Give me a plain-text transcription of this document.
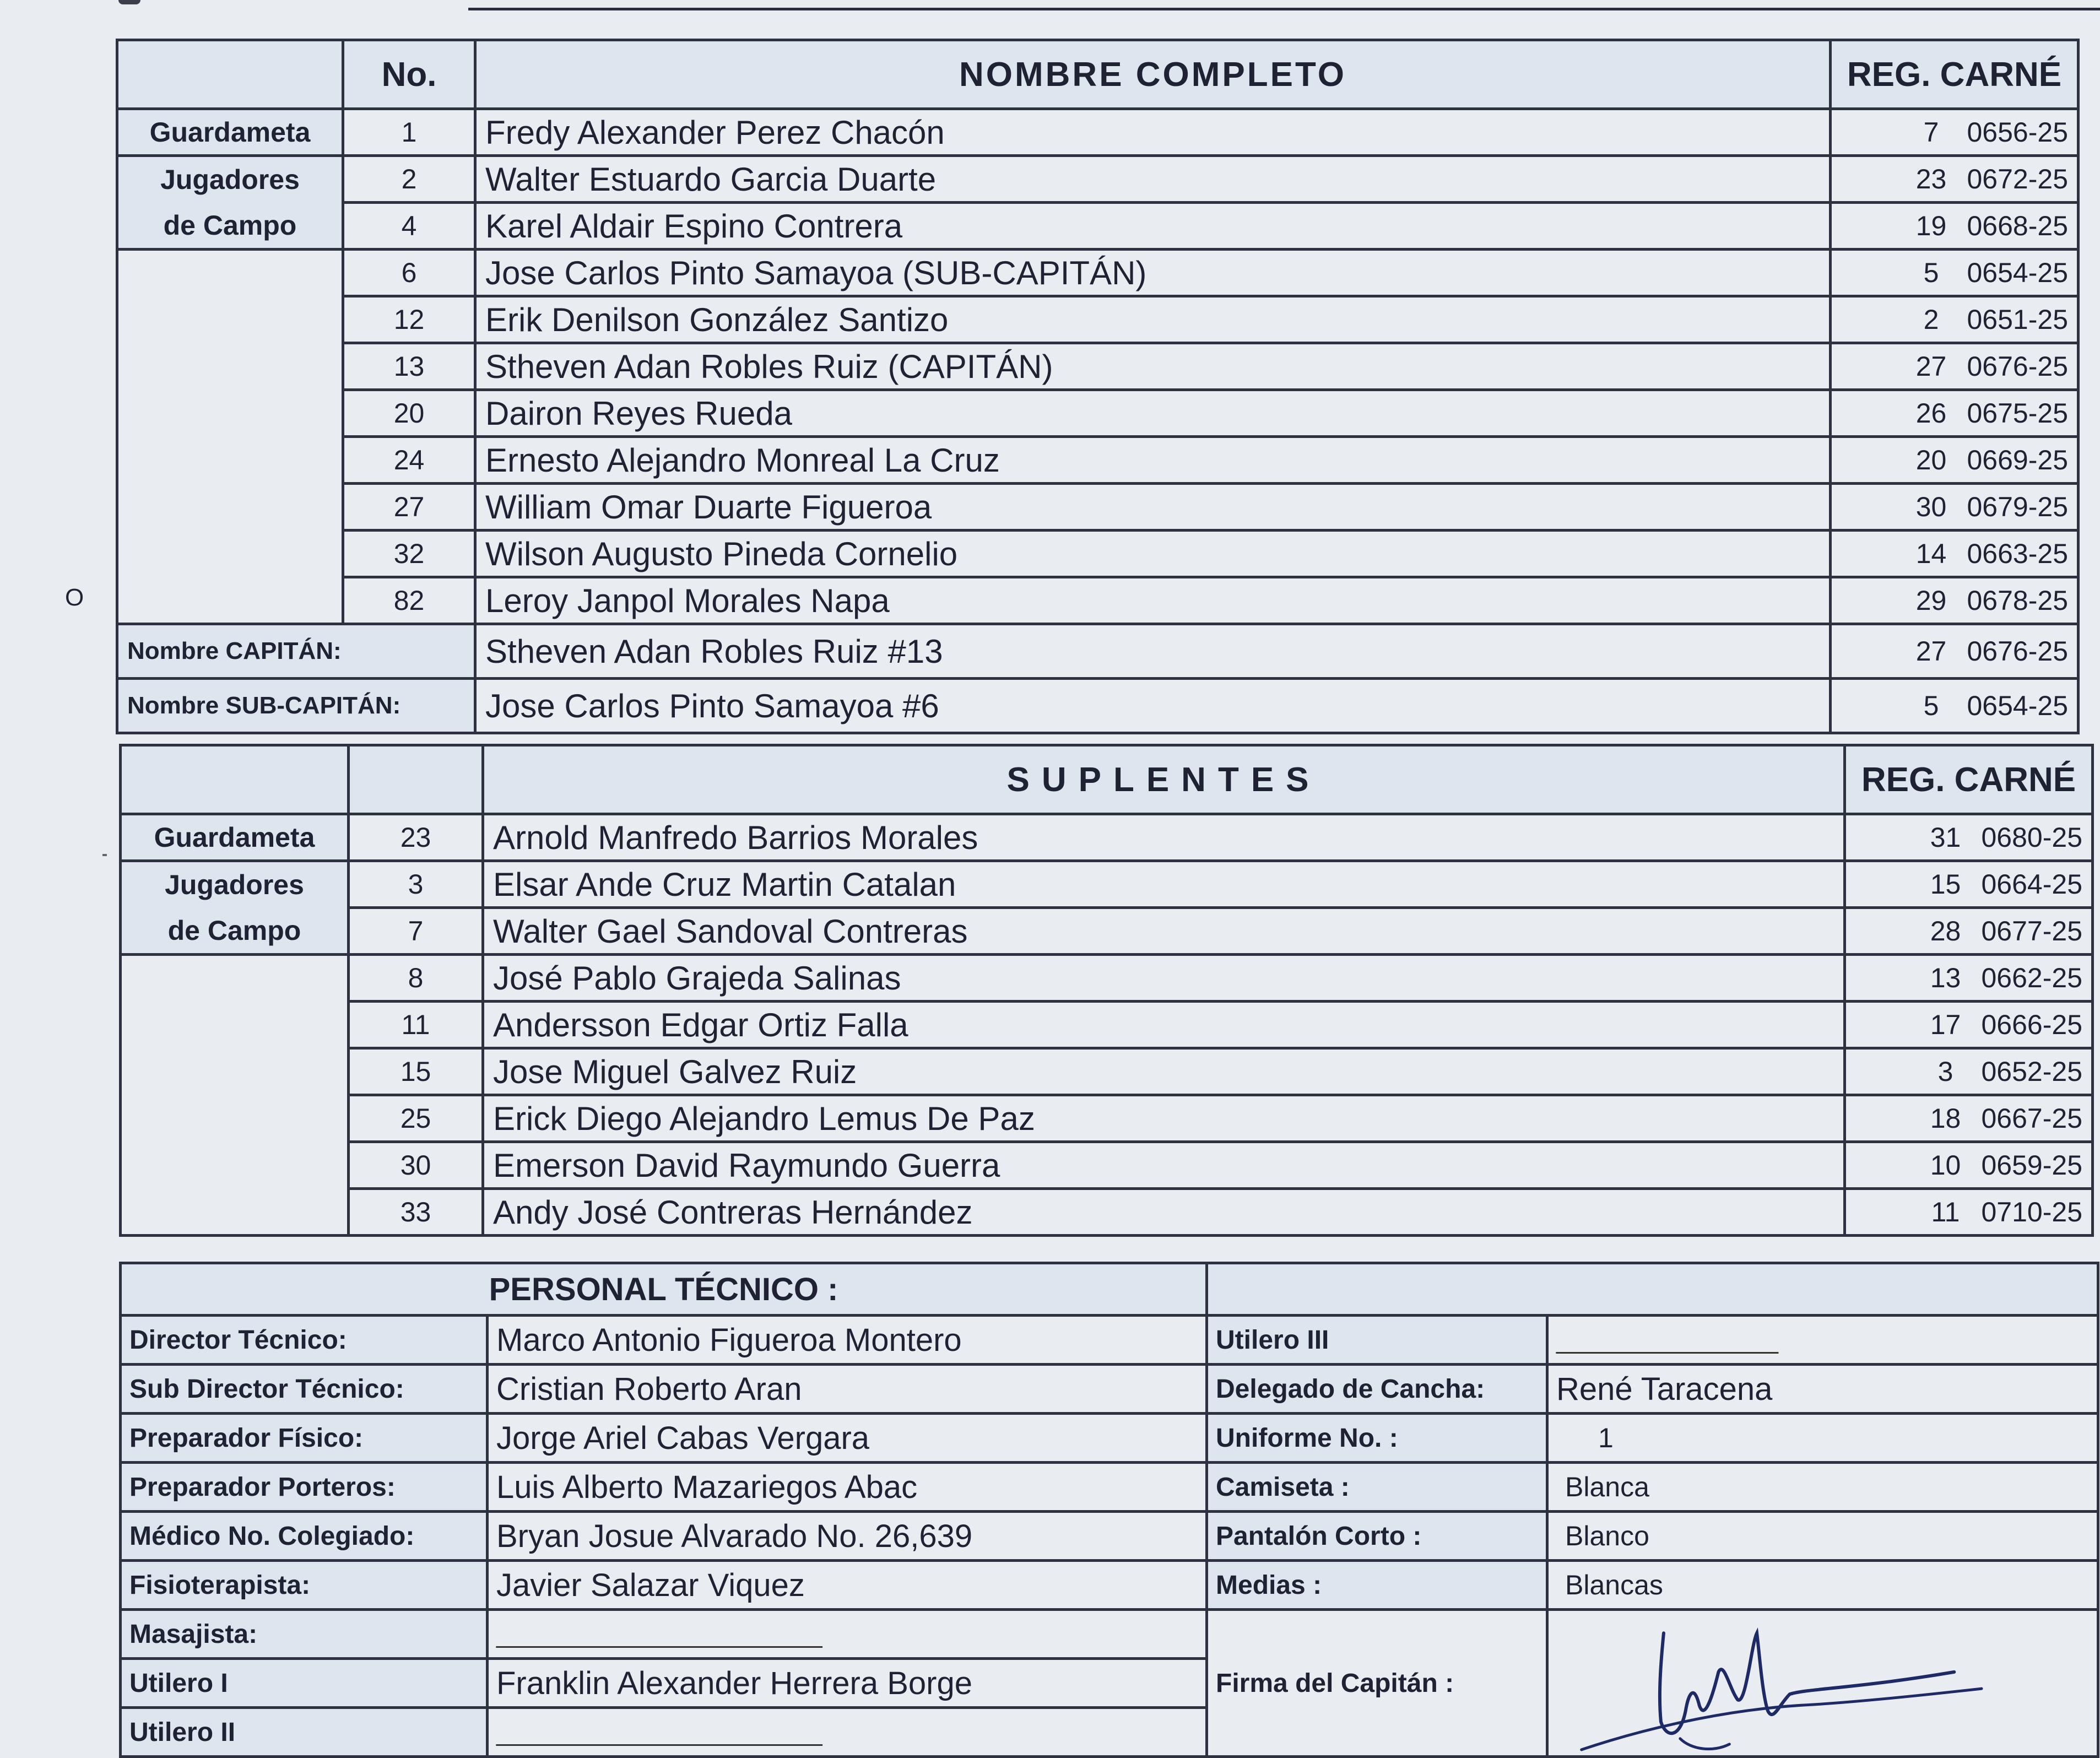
O
	No.	NOMBRE COMPLETO	REG. CARNÉ
Guardameta	1	Fredy Alexander Perez Chacón	7 0656-25
Jugadores	2	Walter Estuardo Garcia Duarte	23 0672-25
de Campo	4	Karel Aldair Espino Contrera	19 0668-25
	6	Jose Carlos Pinto Samayoa (SUB-CAPITÁN)	5 0654-25
	12	Erik Denilson González Santizo	2 0651-25
	13	Stheven Adan Robles Ruiz (CAPITÁN)	27 0676-25
	20	Dairon Reyes Rueda	26 0675-25
	24	Ernesto Alejandro Monreal La Cruz	20 0669-25
	27	William Omar Duarte Figueroa	30 0679-25
	32	Wilson Augusto Pineda Cornelio	14 0663-25
	82	Leroy Janpol Morales Napa	29 0678-25
Nombre CAPITÁN:		Stheven Adan Robles Ruiz #13	27 0676-25
Nombre SUB-CAPITÁN:		Jose Carlos Pinto Samayoa #6	5 0654-25
		SUPLENTES	REG. CARNÉ
Guardameta	23	Arnold Manfredo Barrios Morales	31 0680-25
Jugadores	3	Elsar Ande Cruz Martin Catalan	15 0664-25
de Campo	7	Walter Gael Sandoval Contreras	28 0677-25
	8	José Pablo Grajeda Salinas	13 0662-25
	11	Andersson Edgar Ortiz Falla	17 0666-25
	15	Jose Miguel Galvez Ruiz	3 0652-25
	25	Erick Diego Alejandro Lemus De Paz	18 0667-25
	30	Emerson David Raymundo Guerra	10 0659-25
	33	Andy José Contreras Hernández	11 0710-25
PERSONAL TÉCNICO :			
Director Técnico:	Marco Antonio Figueroa Montero	Utilero III	_________________
Sub Director Técnico:	Cristian Roberto Aran	Delegado de Cancha:	René Taracena
Preparador Físico:	Jorge Ariel Cabas Vergara	Uniforme No. :	1
Preparador Porteros:	Luis Alberto Mazariegos Abac	Camiseta :	Blanca
Médico No. Colegiado:	Bryan Josue Alvarado No. 26,639	Pantalón Corto :	Blanco
Fisioterapista:	Javier Salazar Viquez	Medias :	Blancas
Masajista:	_________________________	Firma del Capitán :	

Utilero I	Franklin Alexander Herrera Borge		
Utilero II	_________________________		
